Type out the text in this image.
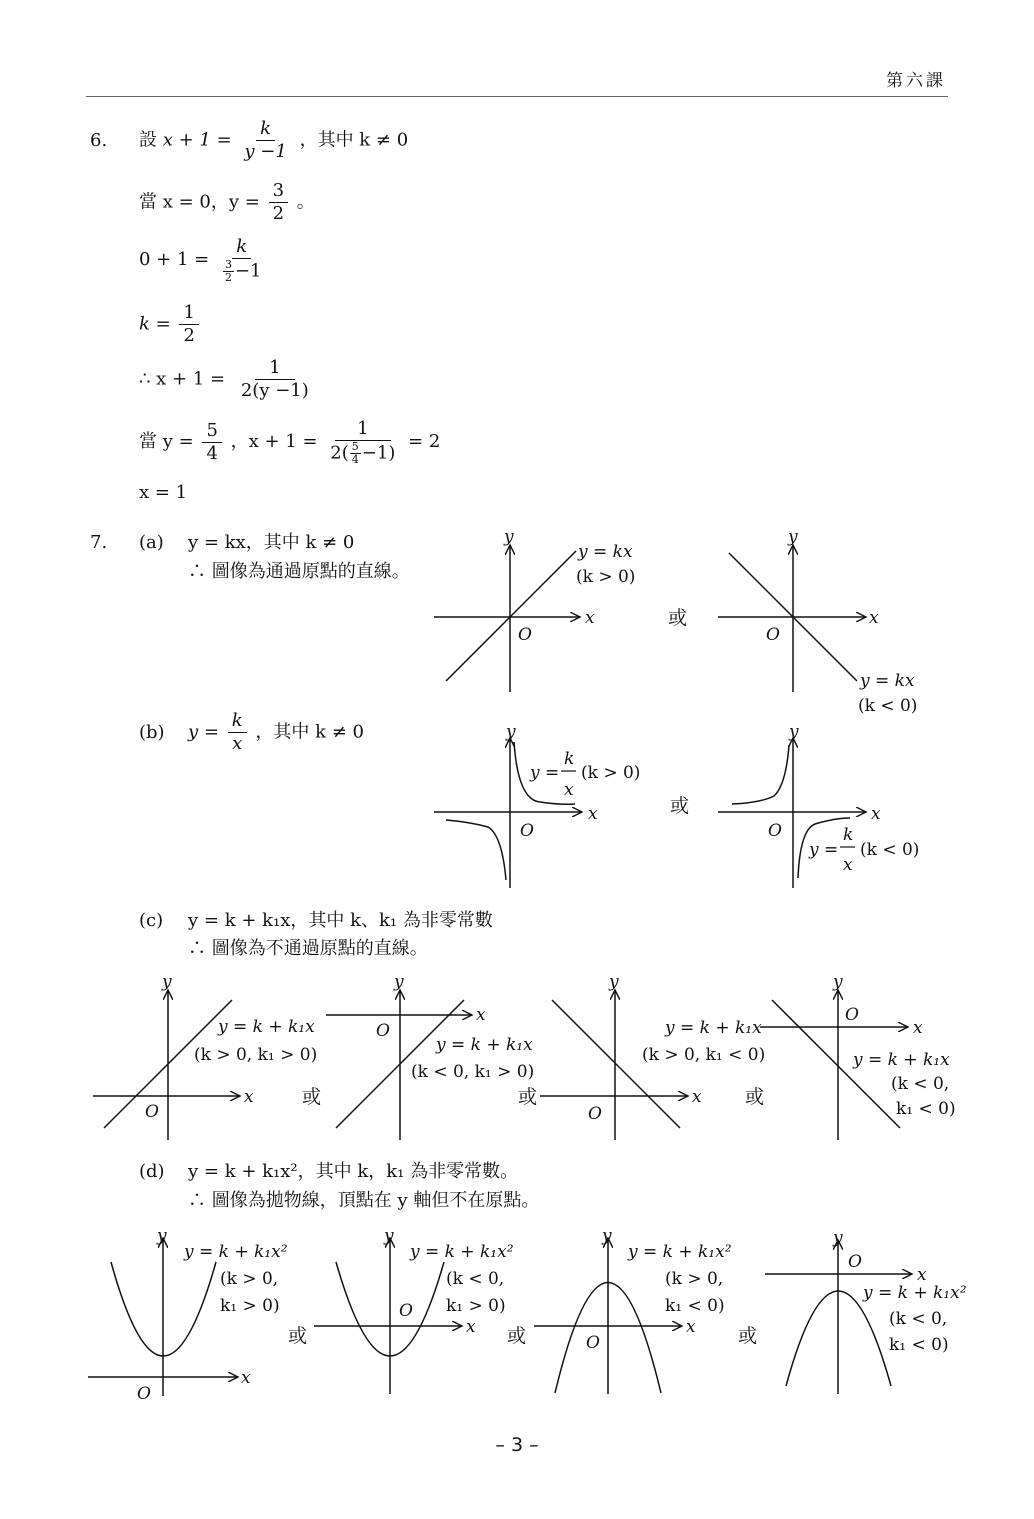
第六課
6. 設 $x + 1 = \frac{k}{y -1}$ ，其中 k ≠ 0
當 x = 0，$y = \frac{3}{2}$ 。
$0 + 1 = \frac{k}{\frac{3}{2} -1}$
$k = \frac{1}{2}$
∴ $x + 1 = \frac{1}{2(y -1)}$
當 $y = \frac{5}{4}$ ，$x + 1 = \frac{1}{2( \frac{5}{4} -1)} = 2$
x = 1
7. (a) y = kx，其中 k ≠ 0
∴ 圖像為通過原點的直線。
(b) $y = \frac{k}{x}$ ，其中 k ≠ 0
(c) y = k + k₁x，其中 k、k₁ 為非零常數
∴ 圖像為不通過原點的直線。
(d) y = k + k₁x²，其中 k，k₁ 為非零常數。
∴ 圖像為拋物線，頂點在 y 軸但不在原點。
y
x
O
y = kx
(k > 0)
或
y
x
O
y = kx
(k < 0)
y
x
O
y =
k
x
(k > 0)
或
y
x
O
y =
k
x
(k < 0)
y
x
O
y = k + k₁x
(k > 0, k₁ > 0)
或
y
x
O
y = k + k₁x
(k < 0, k₁ > 0)
或
y
x
O
y = k + k₁x
(k > 0, k₁ < 0)
或
y
x
O
y = k + k₁x
(k < 0,
k₁ < 0)
y
x
O
y = k + k₁x²
(k > 0,
k₁ > 0)
或
y
x
O
y = k + k₁x²
(k < 0,
k₁ > 0)
或
y
x
O
y = k + k₁x²
(k > 0,
k₁ < 0)
或
y
x
O
y = k + k₁x²
(k < 0,
k₁ < 0)
– 3 –
